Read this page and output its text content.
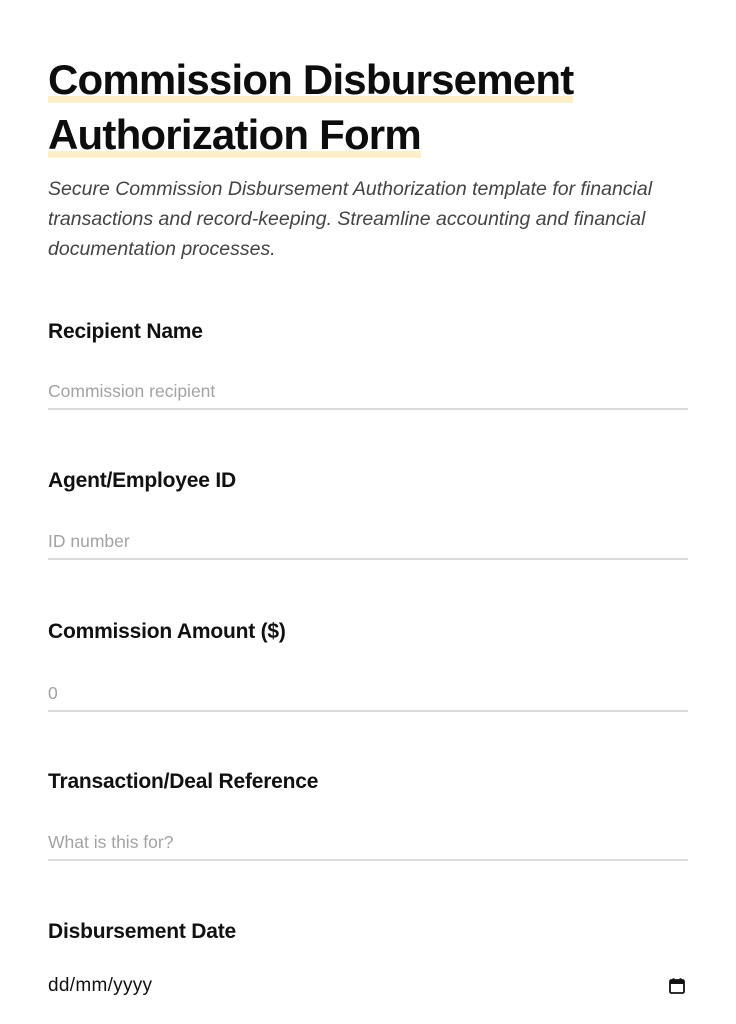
Commission Disbursement
Authorization Form

Secure Commission Disbursement Authorization template for financial transactions and record-keeping. Streamline accounting and financial documentation processes.

Recipient Name
Commission recipient
Agent/Employee ID
ID number
Commission Amount ($)
0
Transaction/Deal Reference
What is this for?
Disbursement Date
dd/mm/yyyy
